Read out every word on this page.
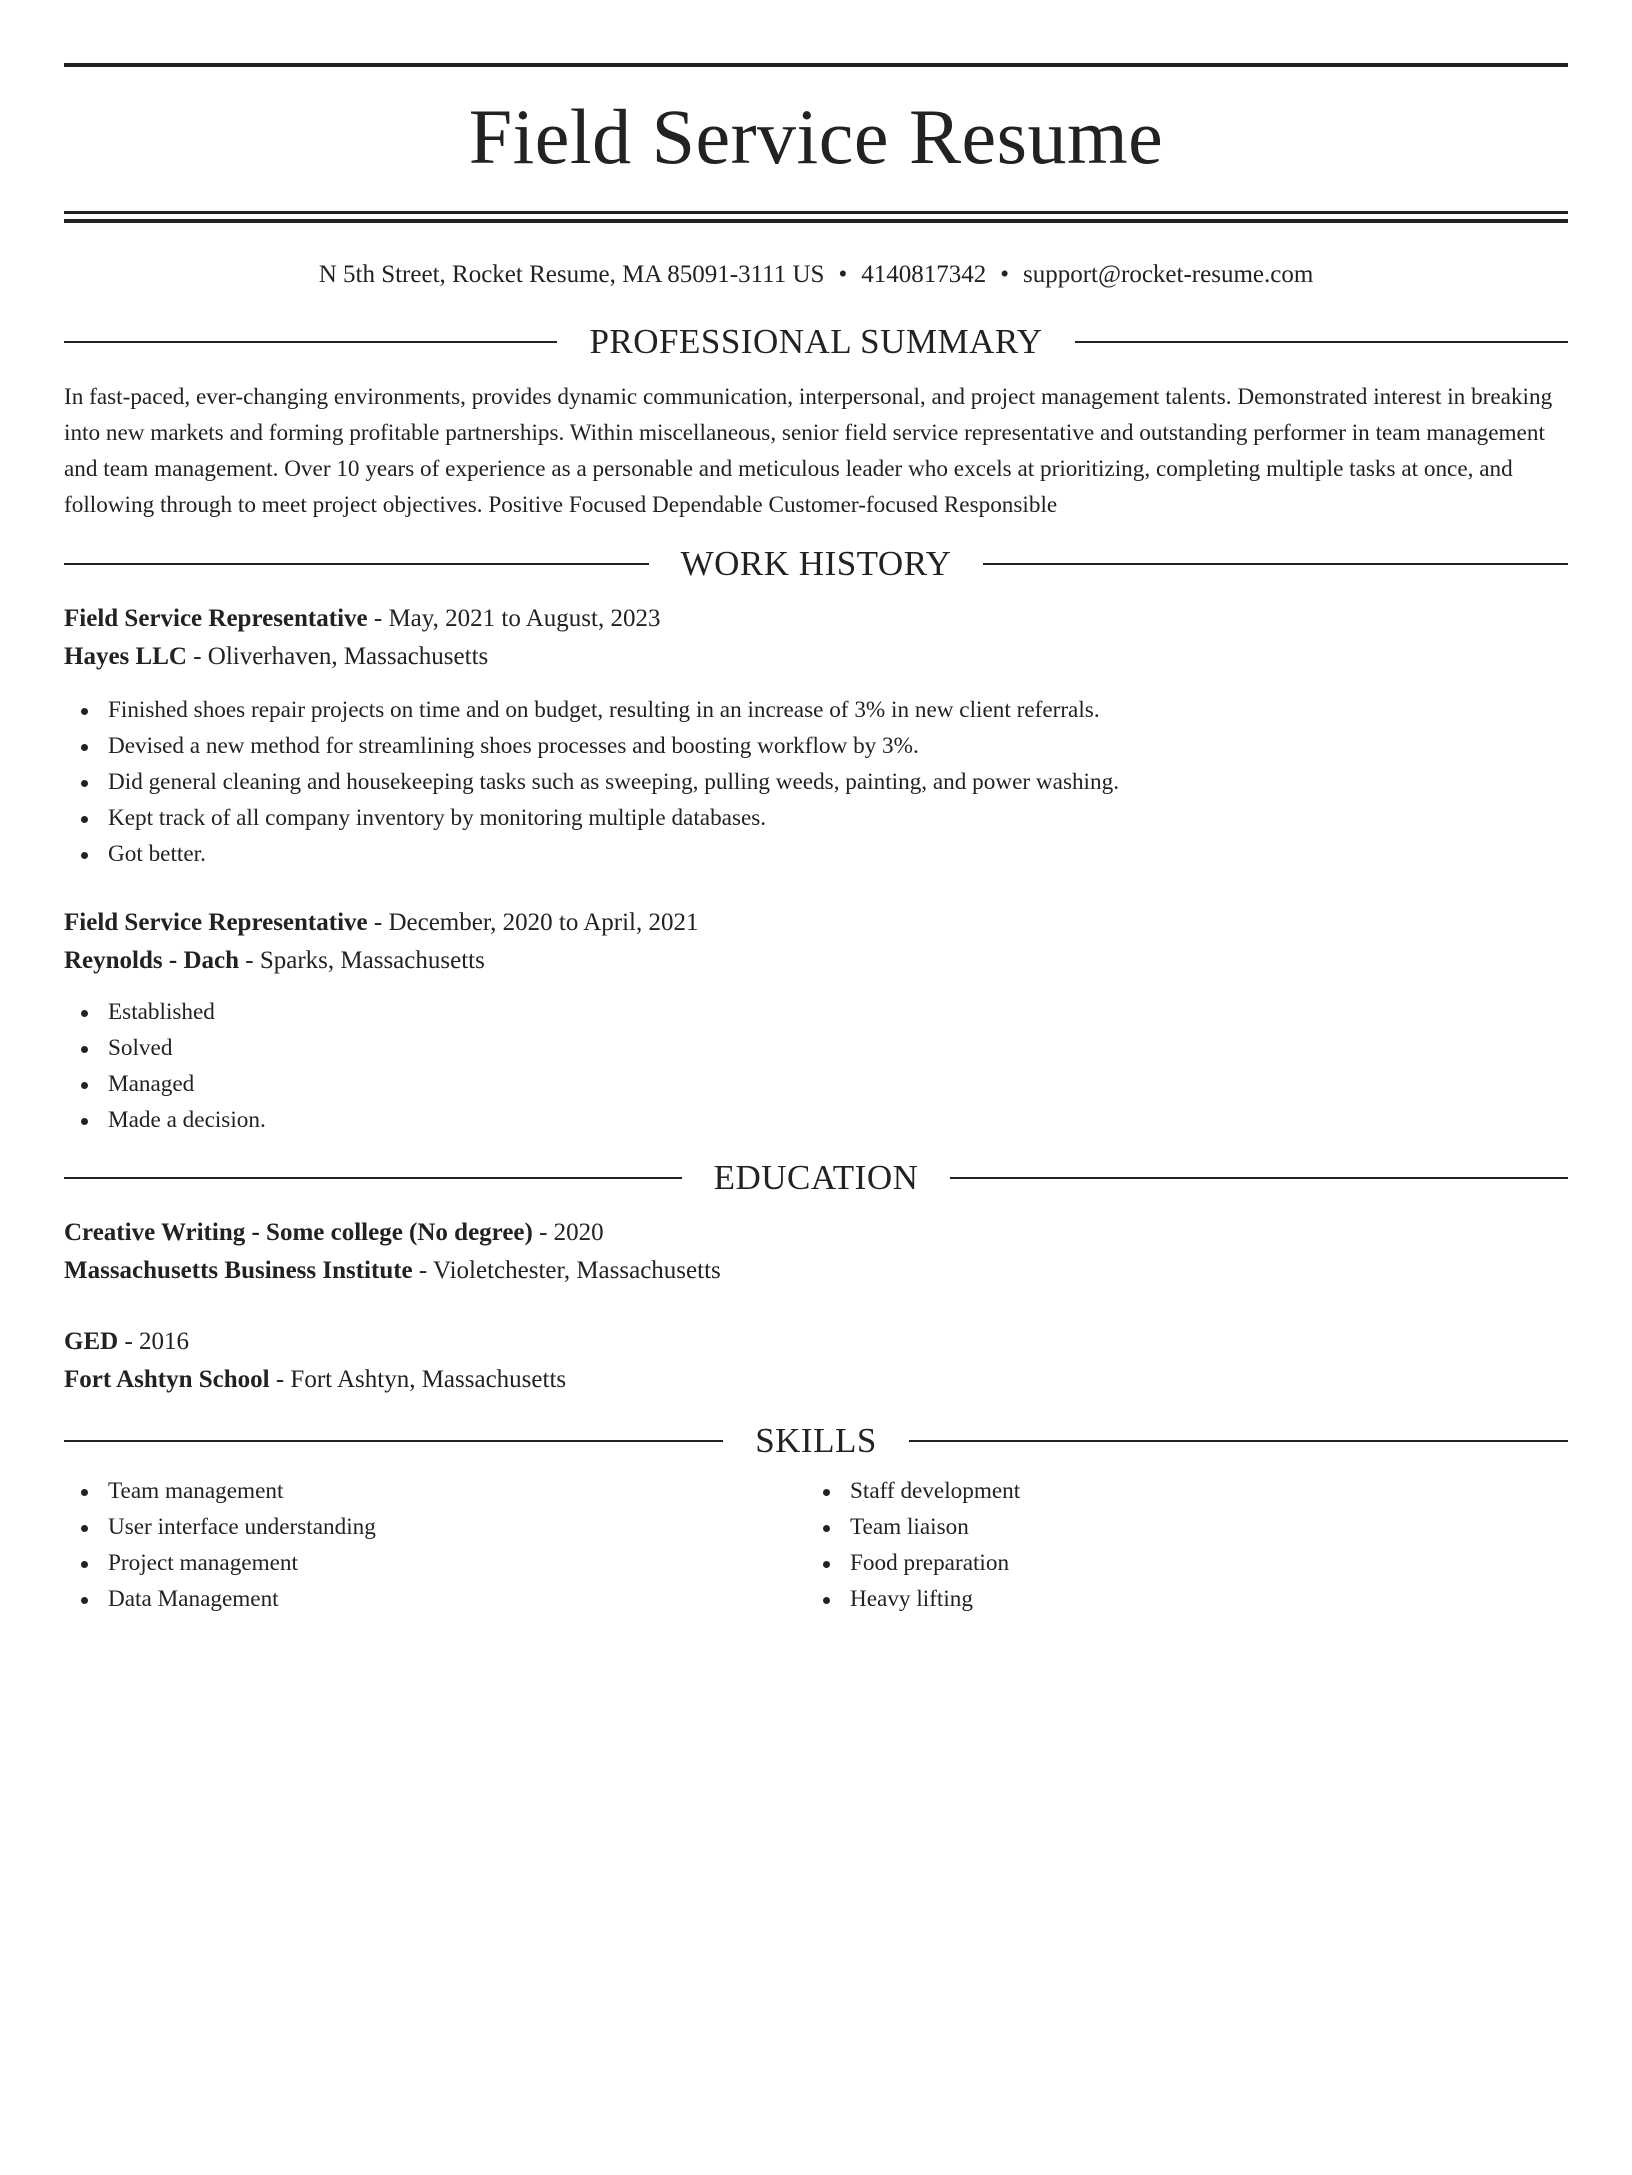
Field Service Resume
N 5th Street, Rocket Resume, MA 85091-3111 US • 4140817342 • support@rocket-resume.com
PROFESSIONAL SUMMARY

In fast-paced, ever-changing environments, provides dynamic communication, interpersonal, and project management talents. Demonstrated interest in breaking into new markets and forming profitable partnerships. Within miscellaneous, senior field service representative and outstanding performer in team management and team management. Over 10 years of experience as a personable and meticulous leader who excels at prioritizing, completing multiple tasks at once, and following through to meet project objectives. Positive Focused Dependable Customer-focused Responsible

WORK HISTORY
Field Service Representative - May, 2021 to August, 2023
Hayes LLC - Oliverhaven, Massachusetts
Finished shoes repair projects on time and on budget, resulting in an increase of 3% in new client referrals.
Devised a new method for streamlining shoes processes and boosting workflow by 3%.
Did general cleaning and housekeeping tasks such as sweeping, pulling weeds, painting, and power washing.
Kept track of all company inventory by monitoring multiple databases.
Got better.
Field Service Representative - December, 2020 to April, 2021
Reynolds - Dach - Sparks, Massachusetts
Established
Solved
Managed
Made a decision.
EDUCATION
Creative Writing - Some college (No degree) - 2020
Massachusetts Business Institute - Violetchester, Massachusetts
GED - 2016
Fort Ashtyn School - Fort Ashtyn, Massachusetts
SKILLS
Team management
User interface understanding
Project management
Data Management
Staff development
Team liaison
Food preparation
Heavy lifting
